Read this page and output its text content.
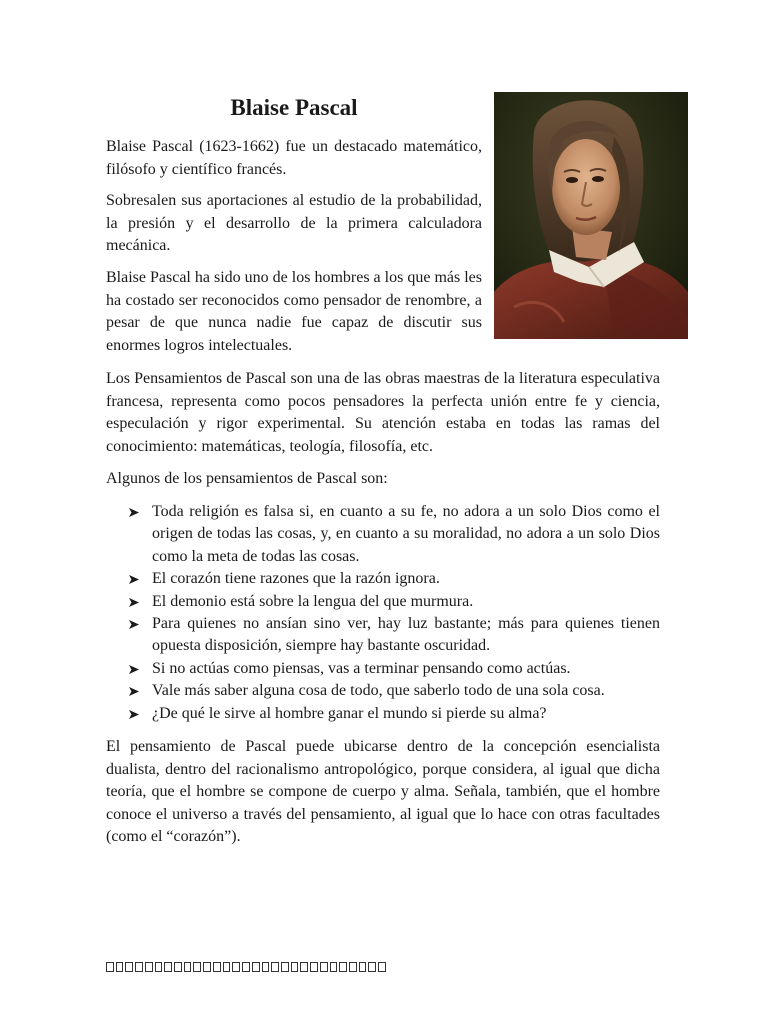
Blaise Pascal

Blaise Pascal (1623-1662) fue un destacado matemático, filósofo y científico francés.

Sobresalen sus aportaciones al estudio de la probabilidad, la presión y el desarrollo de la primera calculadora mecánica.

Blaise Pascal ha sido uno de los hombres a los que más les ha costado ser reconocidos como pensador de renombre, a pesar de que nunca nadie fue capaz de discutir sus enormes logros intelectuales.

Los Pensamientos de Pascal son una de las obras maestras de la literatura especulativa francesa, representa como pocos pensadores la perfecta unión entre fe y ciencia, especulación y rigor experimental. Su atención estaba en todas las ramas del conocimiento: matemáticas, teología, filosofía, etc.

Algunos de los pensamientos de Pascal son:

Toda religión es falsa si, en cuanto a su fe, no adora a un solo Dios como el origen de todas las cosas, y, en cuanto a su moralidad, no adora a un solo Dios como la meta de todas las cosas.
El corazón tiene razones que la razón ignora.
El demonio está sobre la lengua del que murmura.
Para quienes no ansían sino ver, hay luz bastante; más para quienes tienen opuesta disposición, siempre hay bastante oscuridad.
Si no actúas como piensas, vas a terminar pensando como actúas.
Vale más saber alguna cosa de todo, que saberlo todo de una sola cosa.
¿De qué le sirve al hombre ganar el mundo si pierde su alma?

El pensamiento de Pascal puede ubicarse dentro de la concepción esencialista dualista, dentro del racionalismo antropológico, porque considera, al igual que dicha teoría, que el hombre se compone de cuerpo y alma. Señala, también, que el hombre conoce el universo a través del pensamiento, al igual que lo hace con otras facultades (como el “corazón”).
